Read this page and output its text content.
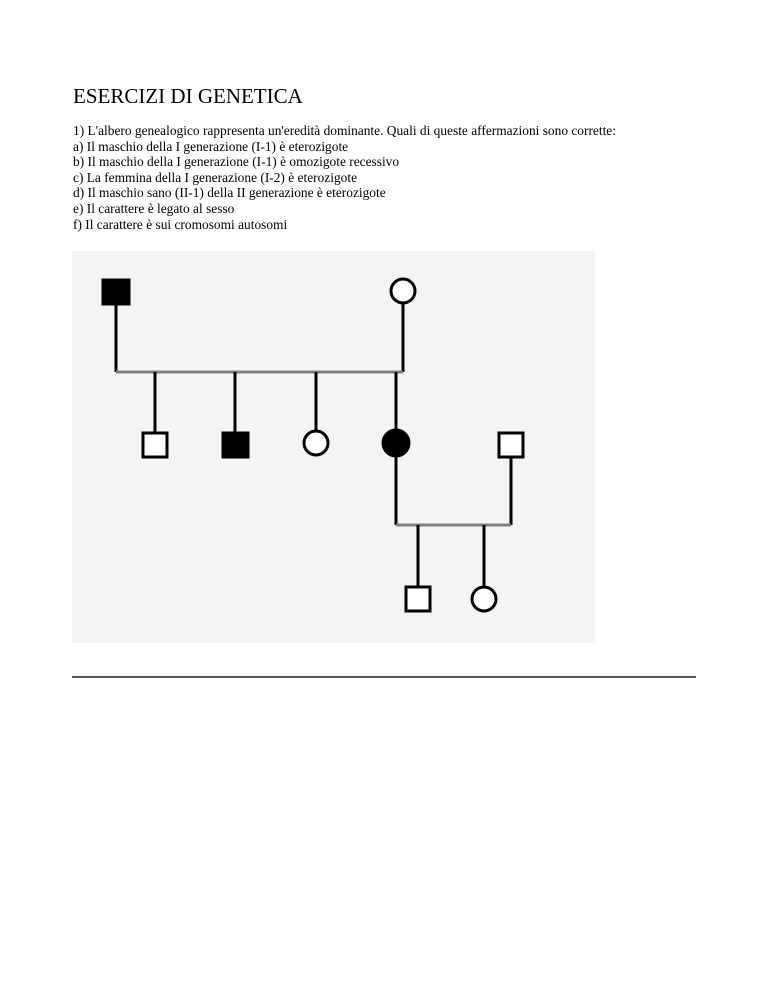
ESERCIZI DI GENETICA
1) L'albero genealogico rappresenta un'eredità dominante. Quali di queste affermazioni sono corrette:
a) Il maschio della I generazione (I-1) è eterozigote
b) Il maschio della I generazione (I-1) è omozigote recessivo
c) La femmina della I generazione (I-2) è eterozigote
d) Il maschio sano (II-1) della II generazione è eterozigote
e) Il carattere è legato al sesso
f) Il carattere è sui cromosomi autosomi
